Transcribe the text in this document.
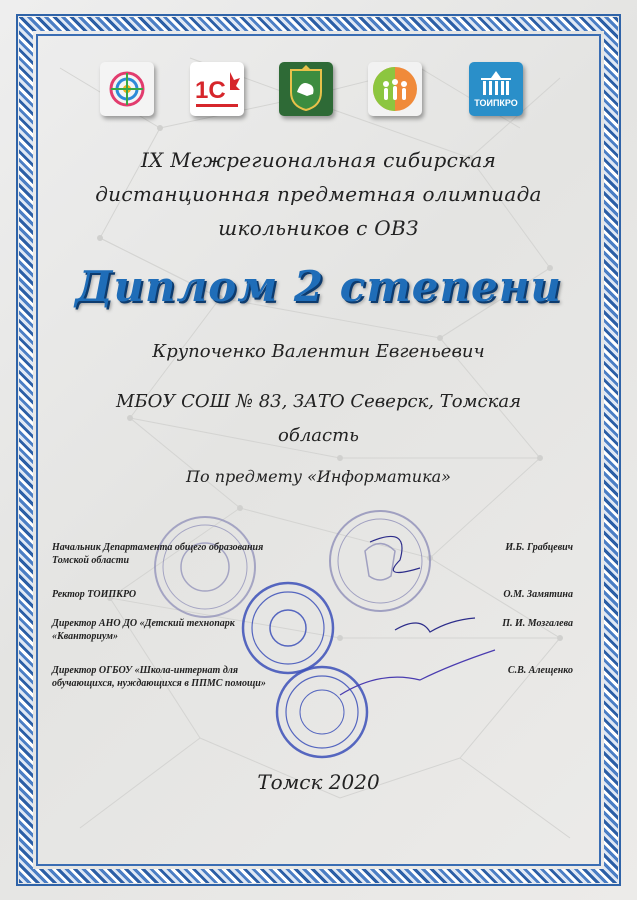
1С	ТОИПКРО
IX Межрегиональная сибирская
дистанционная предметная олимпиада
школьников с ОВЗ
Диплом 2 степени
Крупоченко Валентин Евгеньевич
МБОУ СОШ № 83, ЗАТО Северск, Томская
область
По предмету «Информатика»
Начальник Департамента общего образования
Томской области
И.Б. Грабцевич
Ректор ТОИПКРО	О.М. Замятина
Директор АНО ДО «Детский технопарк
«Кванториум»
П. И. Мозгалева
Директор ОГБОУ «Школа-интернат для
обучающихся, нуждающихся в ППМС помощи»
С.В. Алещенко
Томск 2020
